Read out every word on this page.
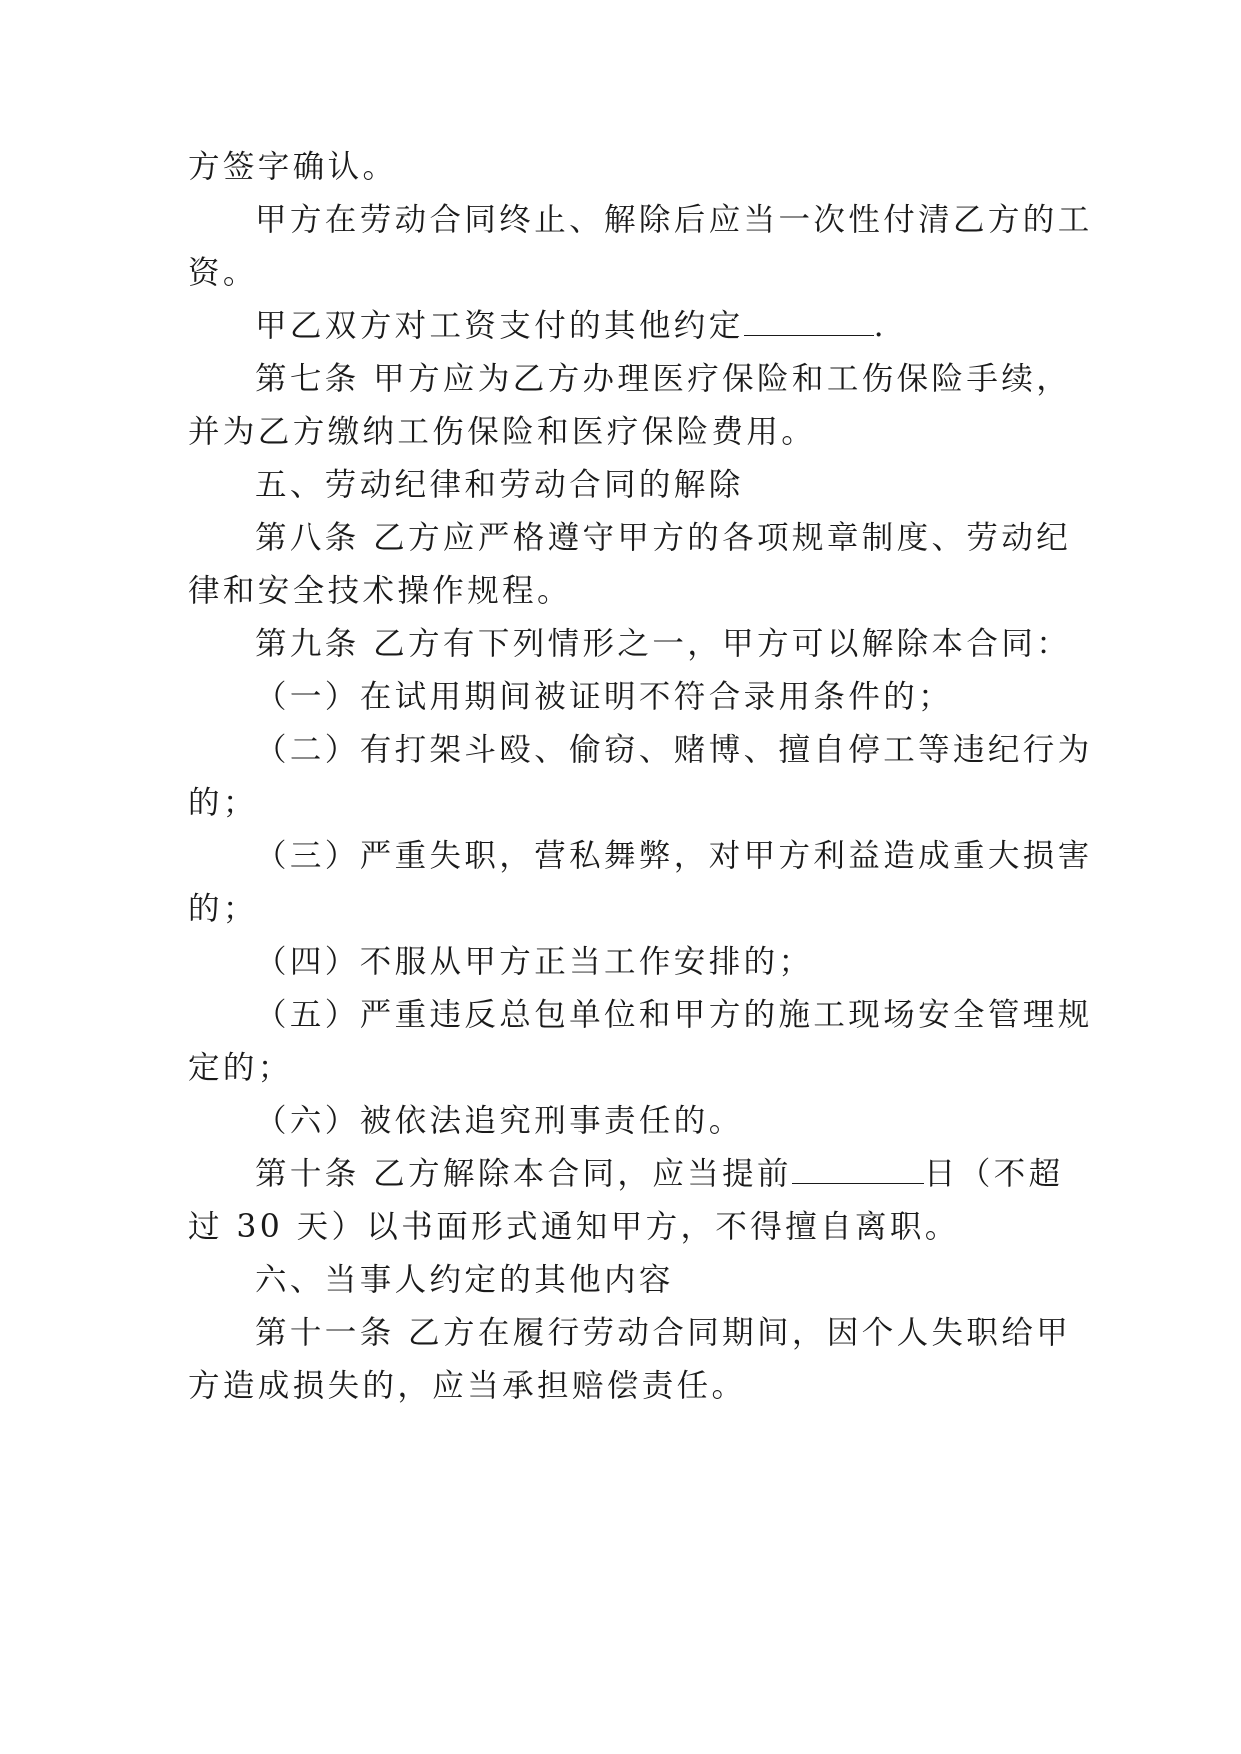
方签字确认。
甲方在劳动合同终止、解除后应当一次性付清乙方的工
资。
甲乙双方对工资支付的其他约定	.
第七条 甲方应为乙方办理医疗保险和工伤保险手续，
并为乙方缴纳工伤保险和医疗保险费用。
五、劳动纪律和劳动合同的解除
第八条 乙方应严格遵守甲方的各项规章制度、劳动纪
律和安全技术操作规程。
第九条 乙方有下列情形之一，甲方可以解除本合同：
（一）在试用期间被证明不符合录用条件的；
（二）有打架斗殴、偷窃、赌博、擅自停工等违纪行为
的；
（三）严重失职，营私舞弊，对甲方利益造成重大损害
的；
（四）不服从甲方正当工作安排的；
（五）严重违反总包单位和甲方的施工现场安全管理规
定的；
（六）被依法追究刑事责任的。
第十条 乙方解除本合同，应当提前	日（不超
过 30 天）以书面形式通知甲方，不得擅自离职。
六、当事人约定的其他内容
第十一条 乙方在履行劳动合同期间，因个人失职给甲
方造成损失的，应当承担赔偿责任。
